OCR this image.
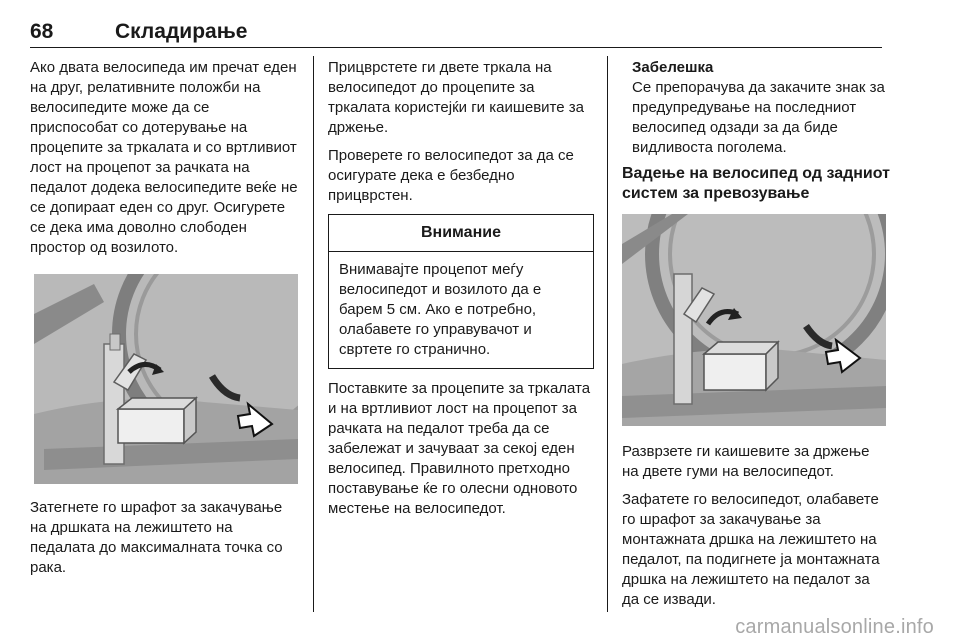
68	Складирање

Ако двата велосипеда им пречат еден на друг, релативните положби на велосипедите може да се приспособат со дотерување на процепите за тркалата и со вртливиот лост на процепот за рачката на педалот додека велосипедите веќе не се допираат еден со друг. Осигурете се дека има доволно слободен простор од возилото.

Затегнете го шрафот за закачување на дршката на лежиштето на педалата до максималната точка со рака.

Прицврстете ги двете тркала на велосипедот до процепите за тркалата користејќи ги каишевите за држење.

Проверете го велосипедот за да се осигурате дека е безбедно прицврстен.

Внимание
Внимавајте процепот меѓу велосипедот и возилото да е барем 5 см. Ако е потребно, олабавете го управувачот и свртете го странично.

Поставките за процепите за тркалата и на вртливиот лост на процепот за рачката на педалот треба да се забележат и зачуваат за секој еден велосипед. Правилното претходно поставување ќе го олесни одновото местење на велосипедот.

Забелешка
Се препорачува да закачите знак за предупредување на последниот велосипед одзади за да биде видливоста поголема.
Вадење на велосипед од задниот систем за превозување

Разврзете ги каишевите за држење на двете гуми на велосипедот.

Зафатете го велосипедот, олабавете го шрафот за закачување за монтажната дршка на лежиштето на педалот, па подигнете ја монтажната дршка на лежиштето на педалот за да се извади.

carmanualsonline.info
